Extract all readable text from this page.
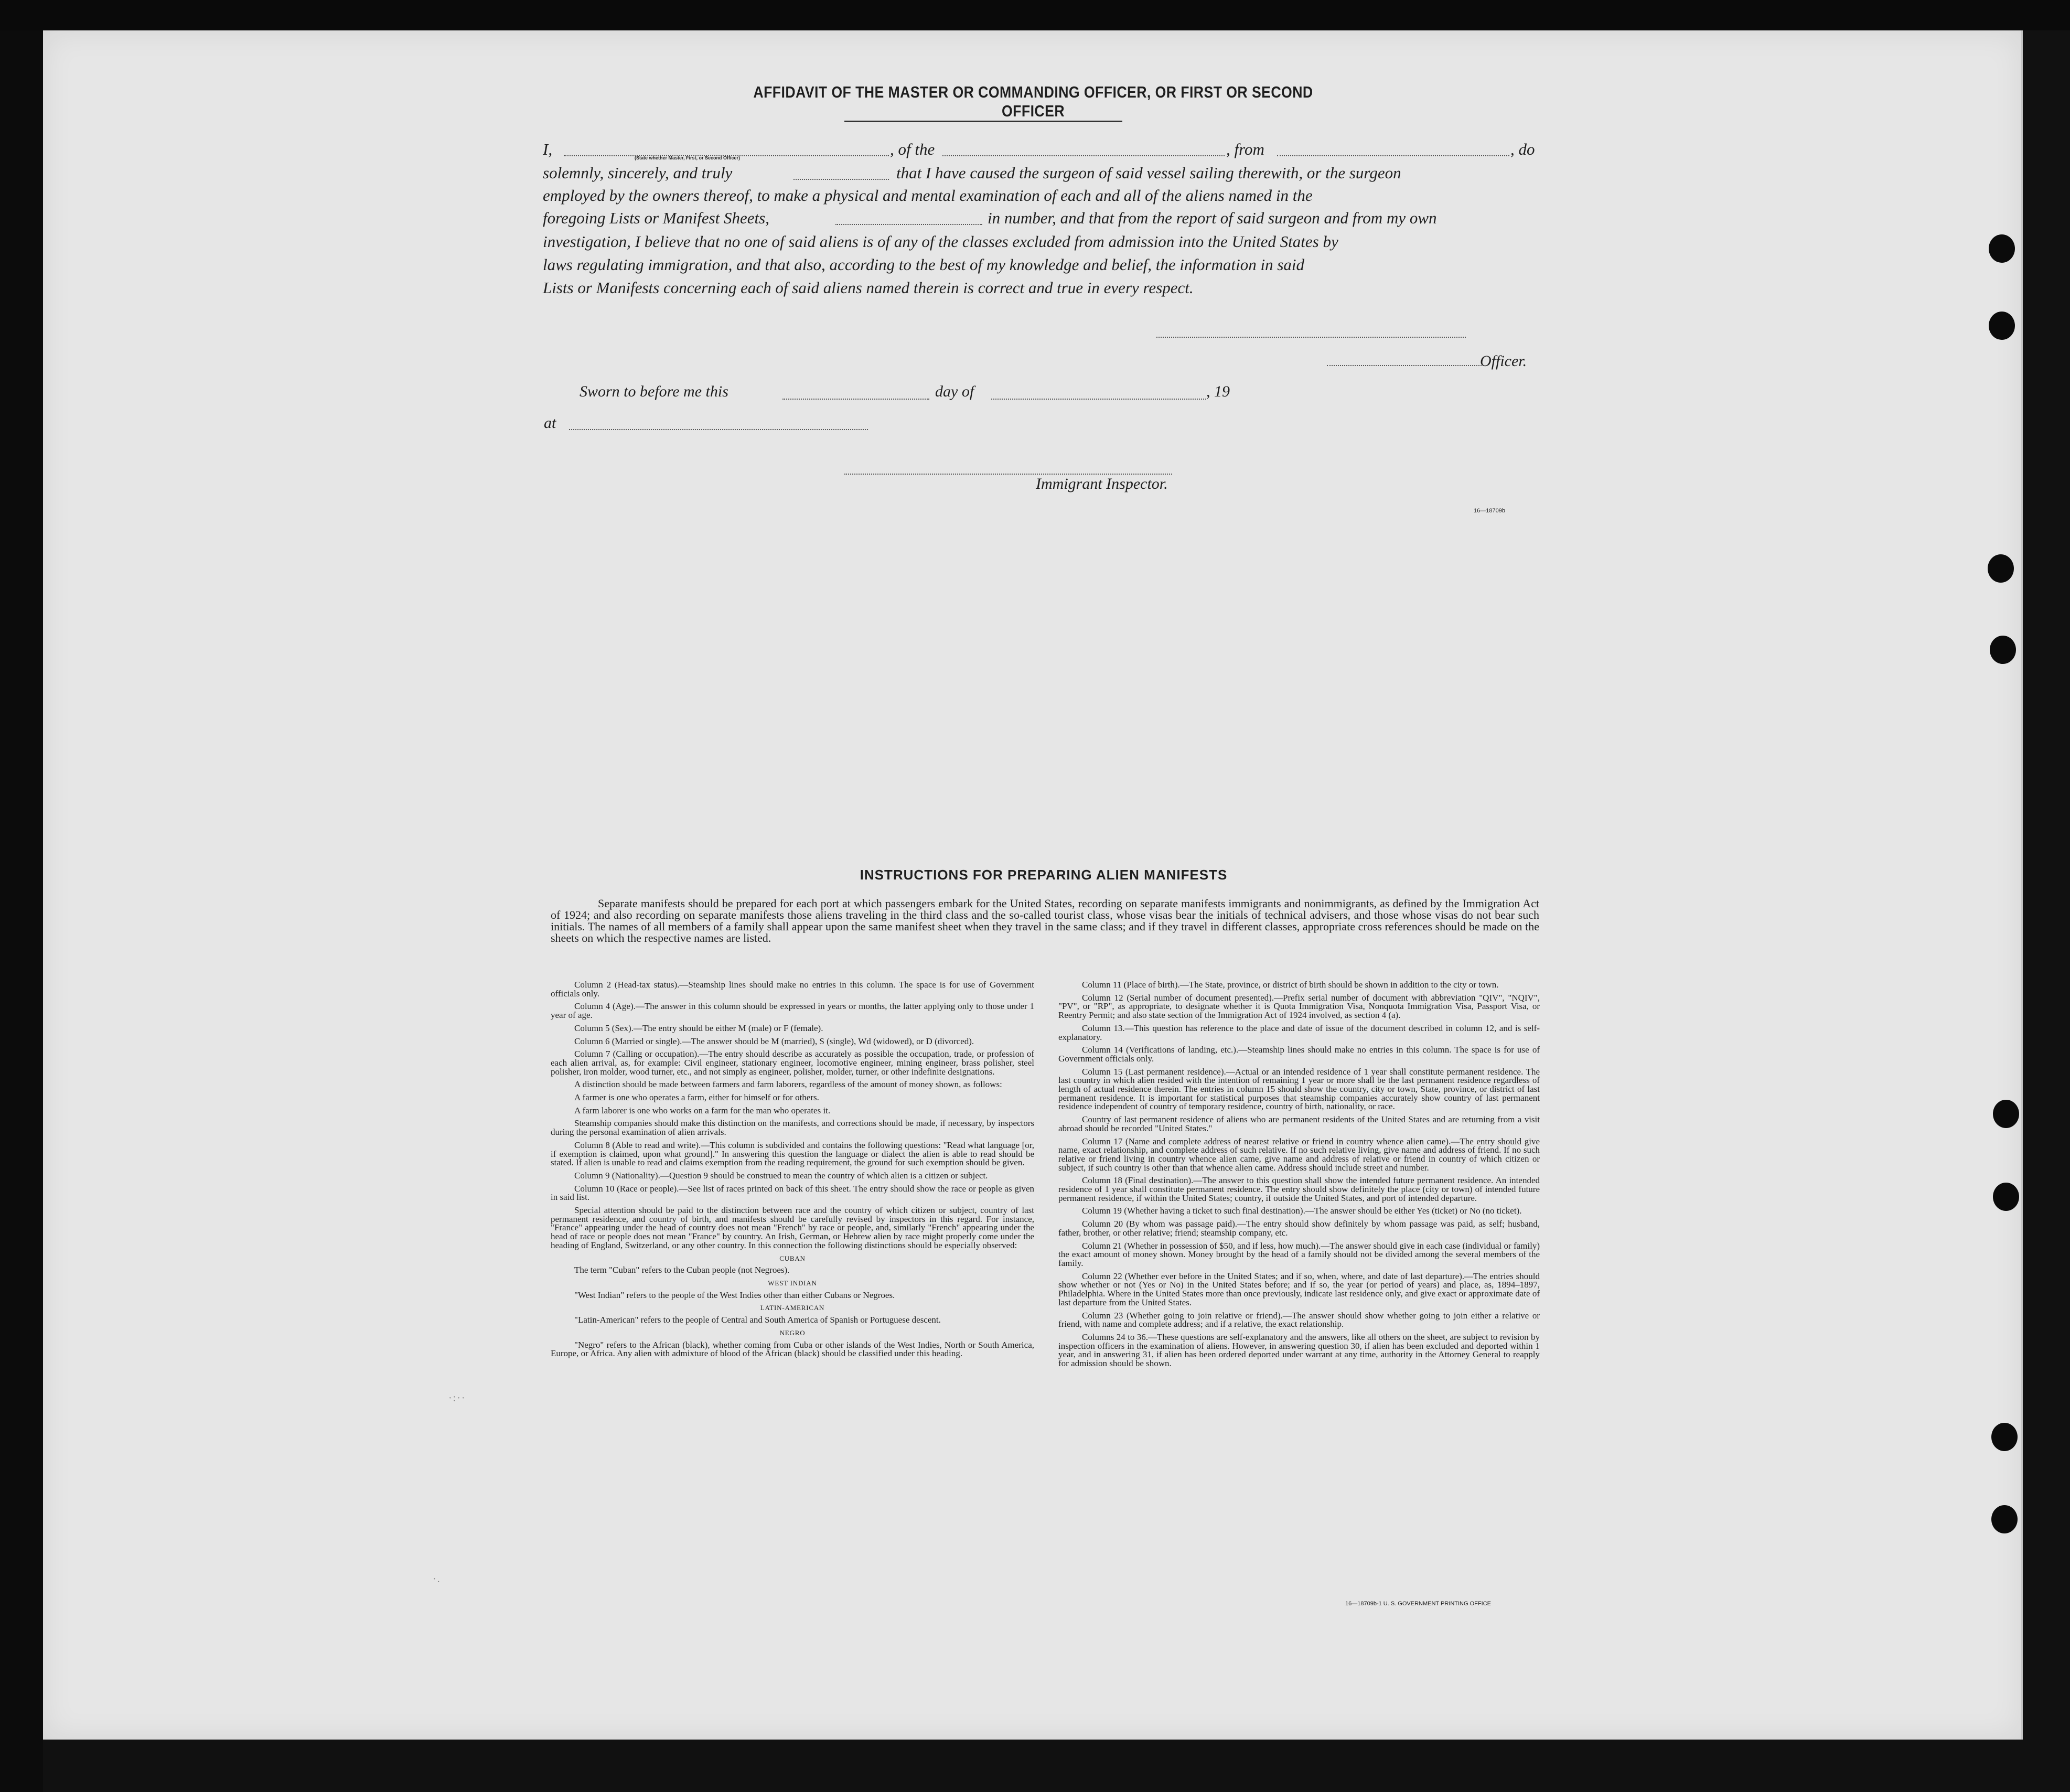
AFFIDAVIT OF THE MASTER OR COMMANDING OFFICER, OR FIRST OR SECOND OFFICER
I,	, of the	, from	, do
(State whether Master, First, or Second Officer)
solemnly, sincerely, and truly	that I have caused the surgeon of said vessel sailing therewith, or the surgeon
employed by the owners thereof, to make a physical and mental examination of each and all of the aliens named in the
foregoing Lists or Manifest Sheets,	in number, and that from the report of said surgeon and from my own
investigation, I believe that no one of said aliens is of any of the classes excluded from admission into the United States by
laws regulating immigration, and that also, according to the best of my knowledge and belief, the information in said
Lists or Manifests concerning each of said aliens named therein is correct and true in every respect.
Officer.
Sworn to before me this	day of	, 19
at
Immigrant Inspector.
16—18709b
INSTRUCTIONS FOR PREPARING ALIEN MANIFESTS
Separate manifests should be prepared for each port at which passengers embark for the United States, recording on separate manifests immigrants and nonimmigrants, as defined by the Immigration Act of 1924; and also recording on separate manifests those aliens traveling in the third class and the so-called tourist class, whose visas bear the initials of technical advisers, and those whose visas do not bear such initials. The names of all members of a family shall appear upon the same manifest sheet when they travel in the same class; and if they travel in different classes, appropriate cross references should be made on the sheets on which the respective names are listed.

Column 2 (Head-tax status).—Steamship lines should make no entries in this column. The space is for use of Government officials only.

Column 4 (Age).—The answer in this column should be expressed in years or months, the latter applying only to those under 1 year of age.

Column 5 (Sex).—The entry should be either M (male) or F (female).

Column 6 (Married or single).—The answer should be M (married), S (single), Wd (widowed), or D (divorced).

Column 7 (Calling or occupation).—The entry should describe as accurately as possible the occupation, trade, or profession of each alien arrival, as, for example: Civil engineer, stationary engineer, locomotive engineer, mining engineer, brass polisher, steel polisher, iron molder, wood turner, etc., and not simply as engineer, polisher, molder, turner, or other indefinite designations.

A distinction should be made between farmers and farm laborers, regardless of the amount of money shown, as follows:

A farmer is one who operates a farm, either for himself or for others.

A farm laborer is one who works on a farm for the man who operates it.

Steamship companies should make this distinction on the manifests, and corrections should be made, if necessary, by inspectors during the personal examination of alien arrivals.

Column 8 (Able to read and write).—This column is subdivided and contains the following questions: "Read what language [or, if exemption is claimed, upon what ground]." In answering this question the language or dialect the alien is able to read should be stated. If alien is unable to read and claims exemption from the reading requirement, the ground for such exemption should be given.

Column 9 (Nationality).—Question 9 should be construed to mean the country of which alien is a citizen or subject.

Column 10 (Race or people).—See list of races printed on back of this sheet. The entry should show the race or people as given in said list.

Special attention should be paid to the distinction between race and the country of which citizen or subject, country of last permanent residence, and country of birth, and manifests should be carefully revised by inspectors in this regard. For instance, "France" appearing under the head of country does not mean "French" by race or people, and, similarly "French" appearing under the head of race or people does not mean "France" by country. An Irish, German, or Hebrew alien by race might properly come under the heading of England, Switzerland, or any other country. In this connection the following distinctions should be especially observed:

CUBAN

The term "Cuban" refers to the Cuban people (not Negroes).

WEST INDIAN

"West Indian" refers to the people of the West Indies other than either Cubans or Negroes.

LATIN-AMERICAN

"Latin-American" refers to the people of Central and South America of Spanish or Portuguese descent.

NEGRO

"Negro" refers to the African (black), whether coming from Cuba or other islands of the West Indies, North or South America, Europe, or Africa. Any alien with admixture of blood of the African (black) should be classified under this heading.

Column 11 (Place of birth).—The State, province, or district of birth should be shown in addition to the city or town.

Column 12 (Serial number of document presented).—Prefix serial number of document with abbreviation "QIV", "NQIV", "PV", or "RP", as appropriate, to designate whether it is Quota Immigration Visa, Nonquota Immigration Visa, Passport Visa, or Reentry Permit; and also state section of the Immigration Act of 1924 involved, as section 4 (a).

Column 13.—This question has reference to the place and date of issue of the document described in column 12, and is self-explanatory.

Column 14 (Verifications of landing, etc.).—Steamship lines should make no entries in this column. The space is for use of Government officials only.

Column 15 (Last permanent residence).—Actual or an intended residence of 1 year shall constitute permanent residence. The last country in which alien resided with the intention of remaining 1 year or more shall be the last permanent residence regardless of length of actual residence therein. The entries in column 15 should show the country, city or town, State, province, or district of last permanent residence. It is important for statistical purposes that steamship companies accurately show country of last permanent residence independent of country of temporary residence, country of birth, nationality, or race.

Country of last permanent residence of aliens who are permanent residents of the United States and are returning from a visit abroad should be recorded "United States."

Column 17 (Name and complete address of nearest relative or friend in country whence alien came).—The entry should give name, exact relationship, and complete address of such relative. If no such relative living, give name and address of friend. If no such relative or friend living in country whence alien came, give name and address of relative or friend in country of which citizen or subject, if such country is other than that whence alien came. Address should include street and number.

Column 18 (Final destination).—The answer to this question shall show the intended future permanent residence. An intended residence of 1 year shall constitute permanent residence. The entry should show definitely the place (city or town) of intended future permanent residence, if within the United States; country, if outside the United States, and port of intended departure.

Column 19 (Whether having a ticket to such final destination).—The answer should be either Yes (ticket) or No (no ticket).

Column 20 (By whom was passage paid).—The entry should show definitely by whom passage was paid, as self; husband, father, brother, or other relative; friend; steamship company, etc.

Column 21 (Whether in possession of $50, and if less, how much).—The answer should give in each case (individual or family) the exact amount of money shown. Money brought by the head of a family should not be divided among the several members of the family.

Column 22 (Whether ever before in the United States; and if so, when, where, and date of last departure).—The entries should show whether or not (Yes or No) in the United States before; and if so, the year (or period of years) and place, as, 1894–1897, Philadelphia. Where in the United States more than once previously, indicate last residence only, and give exact or approximate date of last departure from the United States.

Column 23 (Whether going to join relative or friend).—The answer should show whether going to join either a relative or friend, with name and complete address; and if a relative, the exact relationship.

Columns 24 to 36.—These questions are self-explanatory and the answers, like all others on the sheet, are subject to revision by inspection officers in the examination of aliens. However, in answering question 30, if alien has been excluded and deported within 1 year, and in answering 31, if alien has been ordered deported under warrant at any time, authority in the Attorney General to reapply for admission should be shown.

16—18709b-1 U. S. GOVERNMENT PRINTING OFFICE
·:··
·.
